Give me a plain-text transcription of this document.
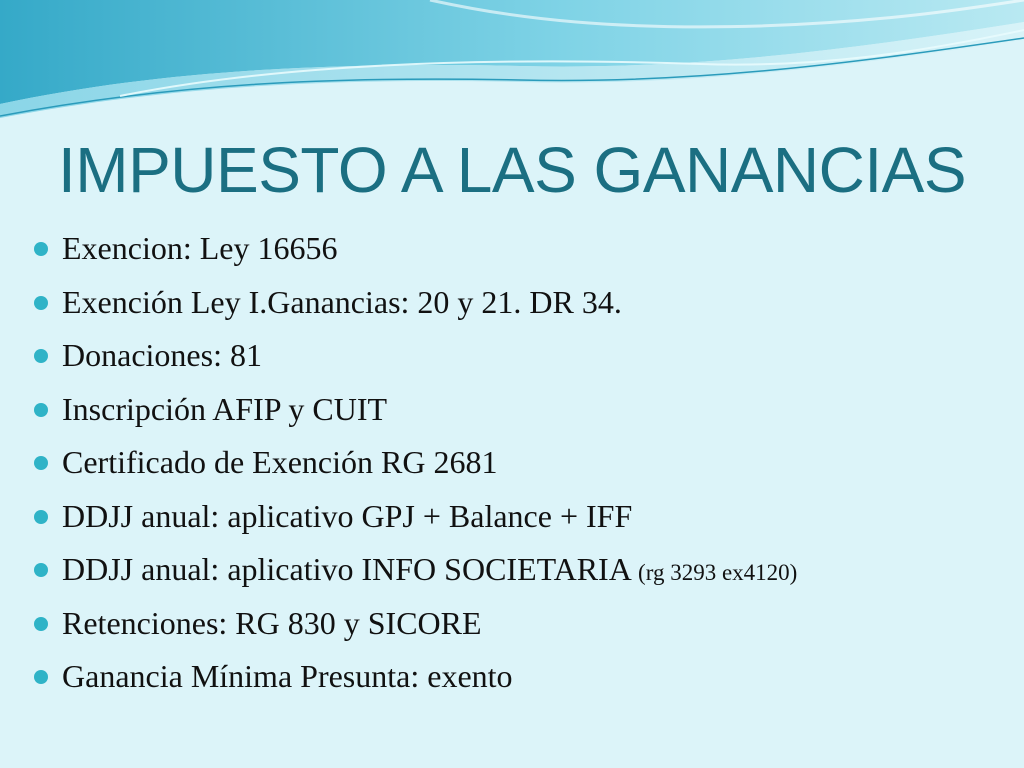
IMPUESTO A LAS GANANCIAS
Exencion: Ley 16656
Exención Ley I.Ganancias: 20 y 21. DR 34.
Donaciones: 81
Inscripción AFIP y CUIT
Certificado de Exención RG 2681
DDJJ anual: aplicativo GPJ + Balance + IFF
DDJJ anual: aplicativo INFO SOCIETARIA (rg 3293 ex4120)
Retenciones: RG 830 y SICORE
Ganancia Mínima Presunta: exento
